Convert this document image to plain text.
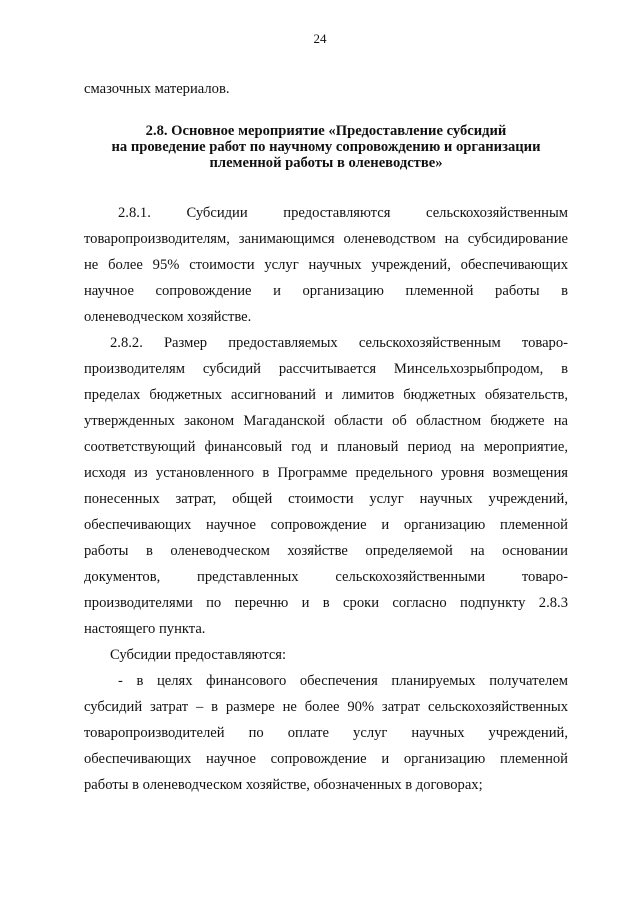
24
смазочных материалов.
2.8. Основное мероприятие «Предоставление субсидий
на проведение работ по научному сопровождению и организации
племенной работы в оленеводстве»
2.8.1. Субсидии предоставляются сельскохозяйственным
товаропроизводителям, занимающимся оленеводством на субсидирование
не более 95% стоимости услуг научных учреждений, обеспечивающих
научное сопровождение и организацию племенной работы в
оленеводческом хозяйстве.
2.8.2. Размер предоставляемых сельскохозяйственным товаро-
производителям субсидий рассчитывается Минсельхозрыбпродом, в
пределах бюджетных ассигнований и лимитов бюджетных обязательств,
утвержденных законом Магаданской области об областном бюджете на
соответствующий финансовый год и плановый период на мероприятие,
исходя из установленного в Программе предельного уровня возмещения
понесенных затрат, общей стоимости услуг научных учреждений,
обеспечивающих научное сопровождение и организацию племенной
работы в оленеводческом хозяйстве определяемой на основании
документов, представленных сельскохозяйственными товаро-
производителями по перечню и в сроки согласно подпункту 2.8.3
настоящего пункта.
Субсидии предоставляются:
- в целях финансового обеспечения планируемых получателем
субсидий затрат – в размере не более 90% затрат сельскохозяйственных
товаропроизводителей по оплате услуг научных учреждений,
обеспечивающих научное сопровождение и организацию племенной
работы в оленеводческом хозяйстве, обозначенных в договорах;
